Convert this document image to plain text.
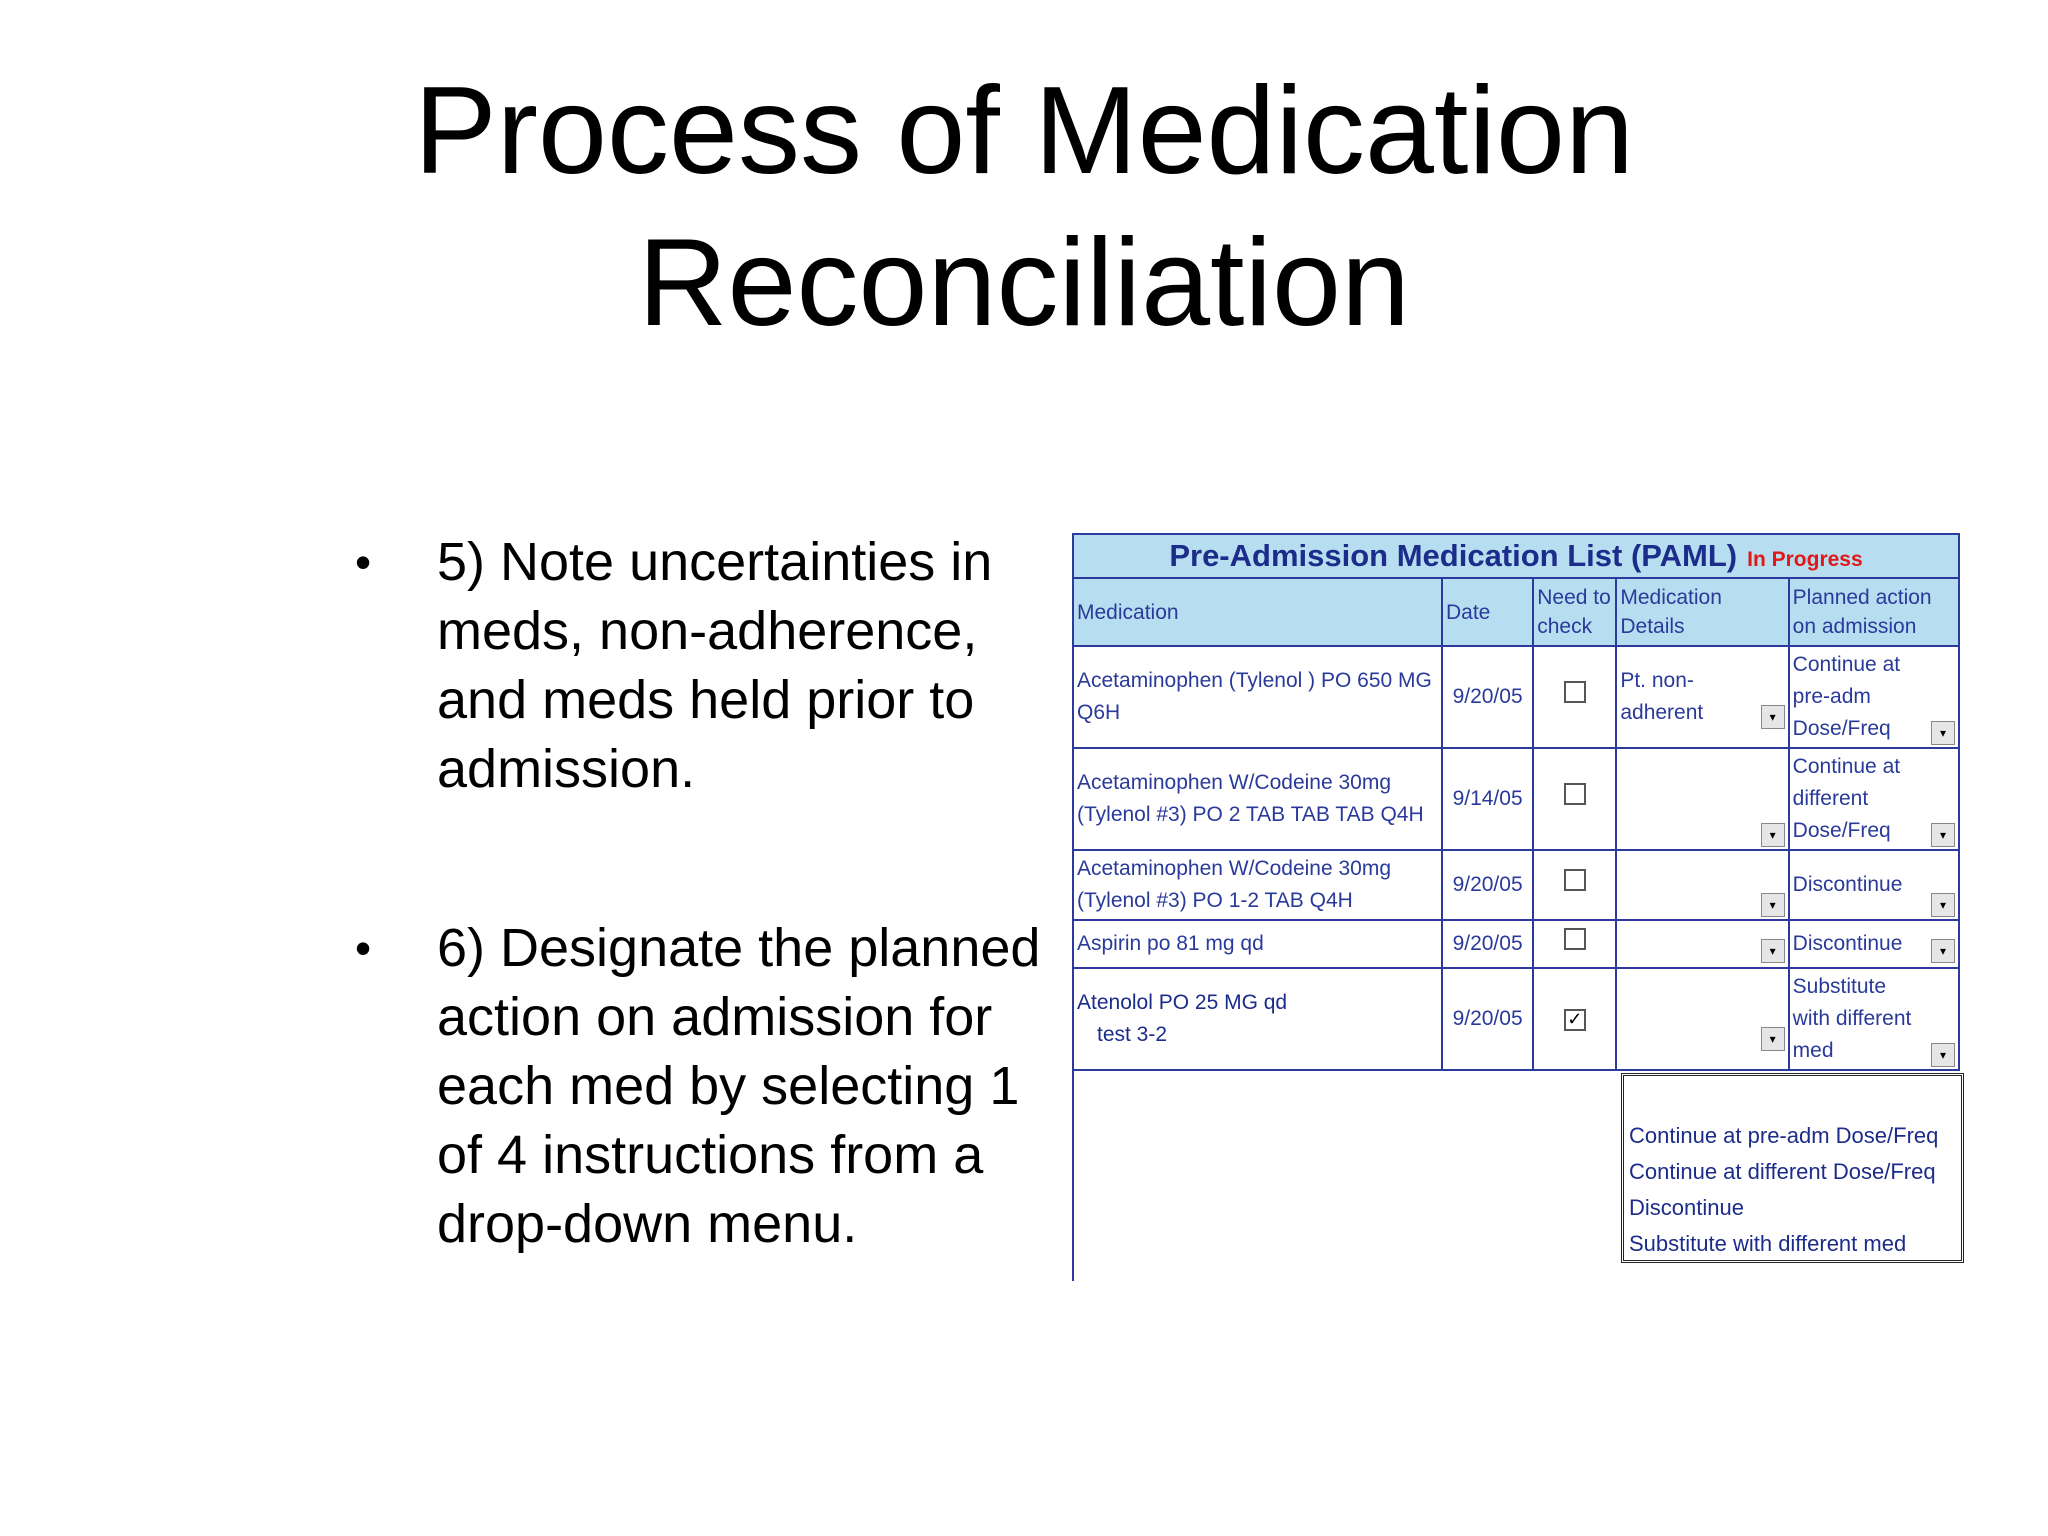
Process of Medication
Reconciliation
• 5) Note uncertainties in meds, non-adherence, and meds held prior to admission.
• 6) Designate the planned action on admission for each med by selecting 1 of 4 instructions from a drop-down menu.
Pre-Admission Medication List (PAML) In Progress
Medication	Date	Need to check	Medication Details	Planned action on admission
Acetaminophen (Tylenol ) PO 650 MG Q6H	9/20/05		Pt. non-adherent ▾	Continue at pre-adm Dose/Freq ▾

Acetaminophen W/Codeine 30mg (Tylenol #3) PO 2 TAB TAB TAB Q4H	9/14/05		▾	Continue at different Dose/Freq ▾

Acetaminophen W/Codeine 30mg (Tylenol #3) PO 1-2 TAB Q4H	9/20/05		▾	Discontinue
▾

Aspirin po 81 mg qd	9/20/05		▾	Discontinue ▾

Atenolol PO 25 MG qd
test 3-2	9/20/05	✓	▾	Substitute with different med ▾
Continue at pre-adm Dose/Freq
Continue at different Dose/Freq
Discontinue
Substitute with different med
